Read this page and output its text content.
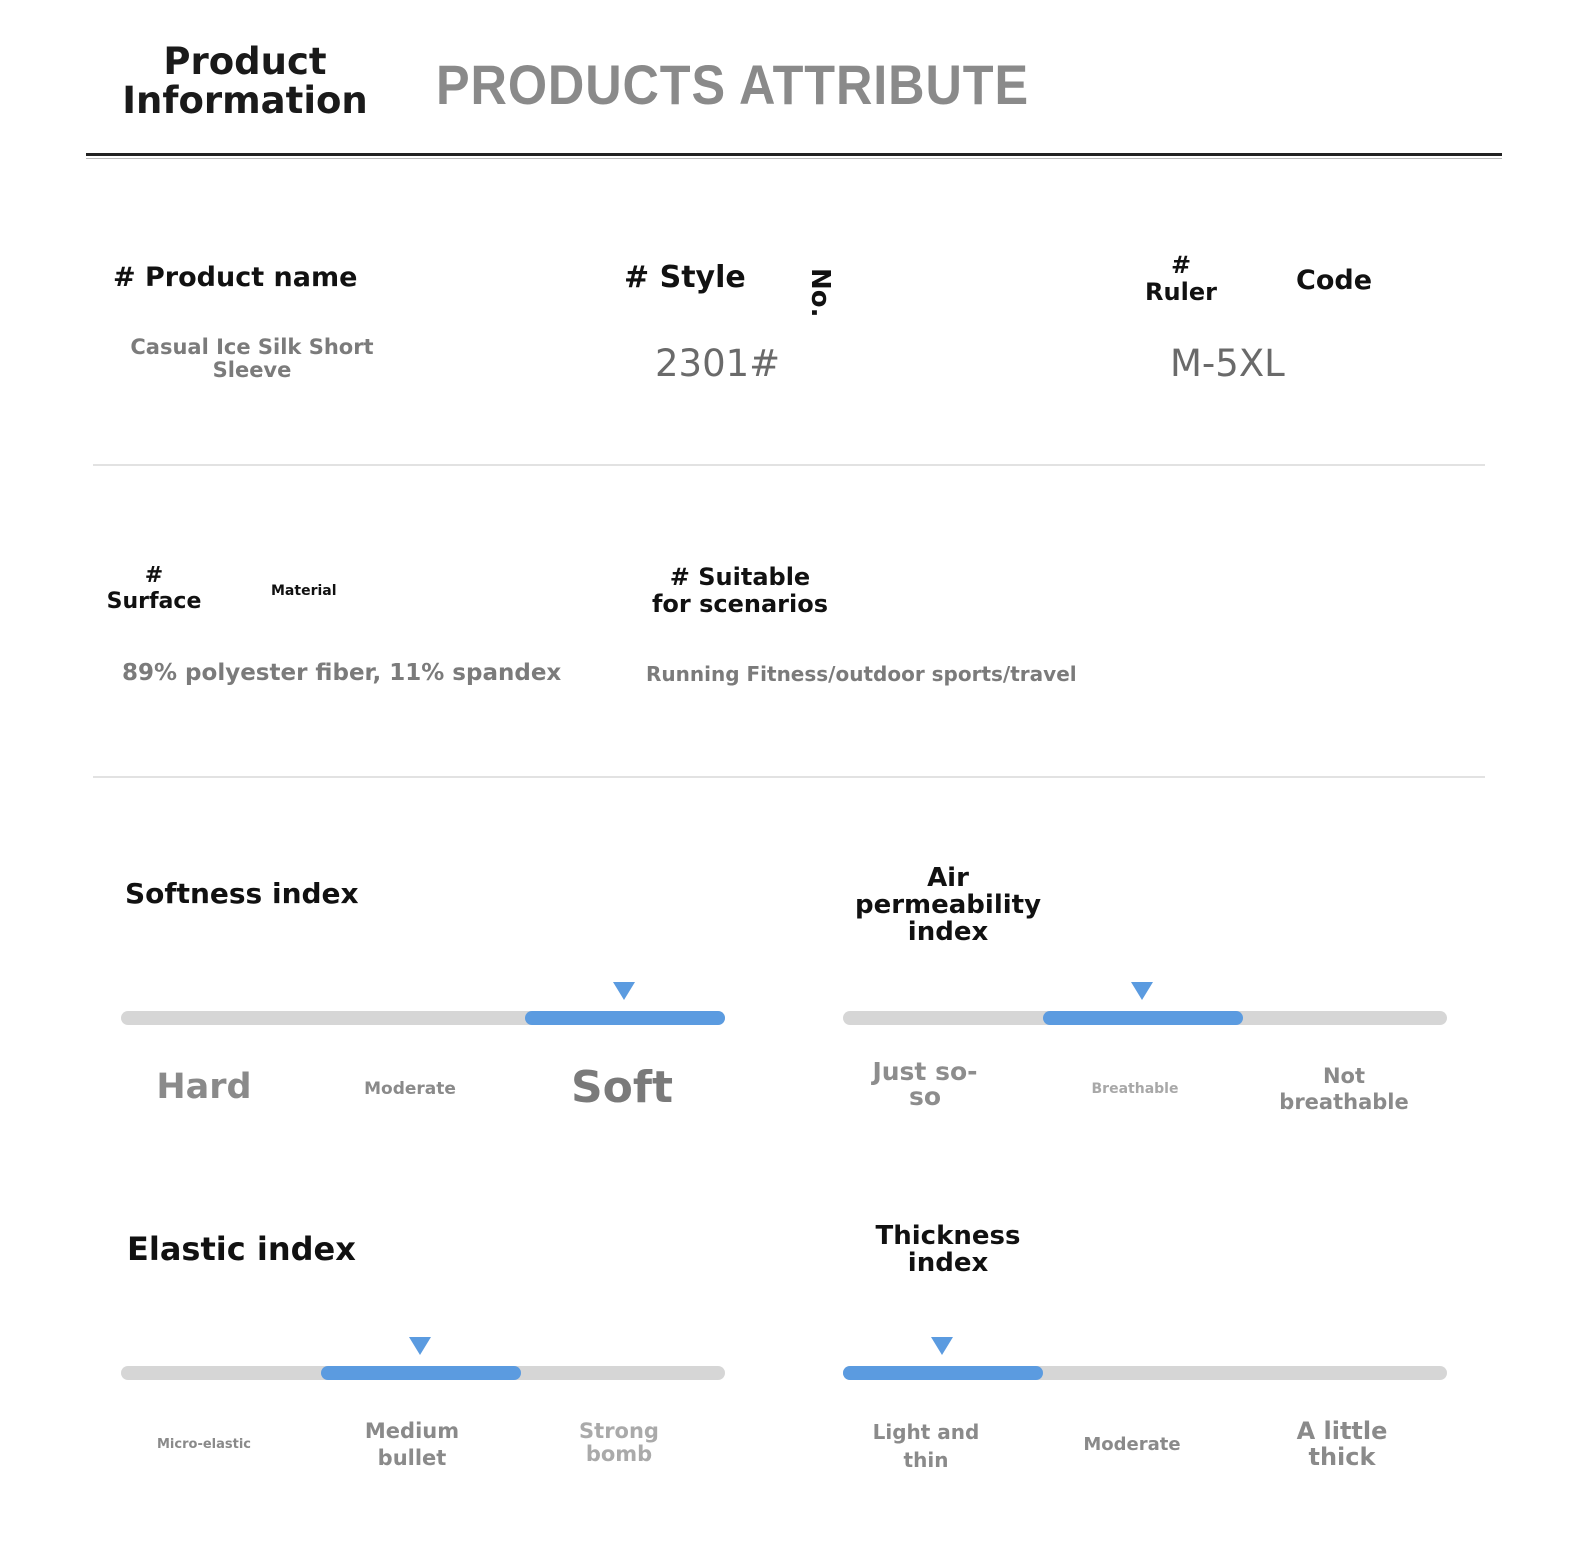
Product Information	PRODUCTS ATTRIBUTE
# Product name
Casual Ice Silk Short Sleeve
# Style No.
2301#
#
Ruler	Code
M-5XL
#
Surface	Material
89% polyester fiber, 11% spandex
# Suitable for scenarios
Running Fitness/outdoor sports/travel
Softness index
Hard	Moderate	Soft
Air permeability index
Just so-so	Breathable
Not breathable
Elastic index
Micro-elastic
Medium bullet
Strong bomb
Thickness index
Light and thin
Moderate	A little thick
